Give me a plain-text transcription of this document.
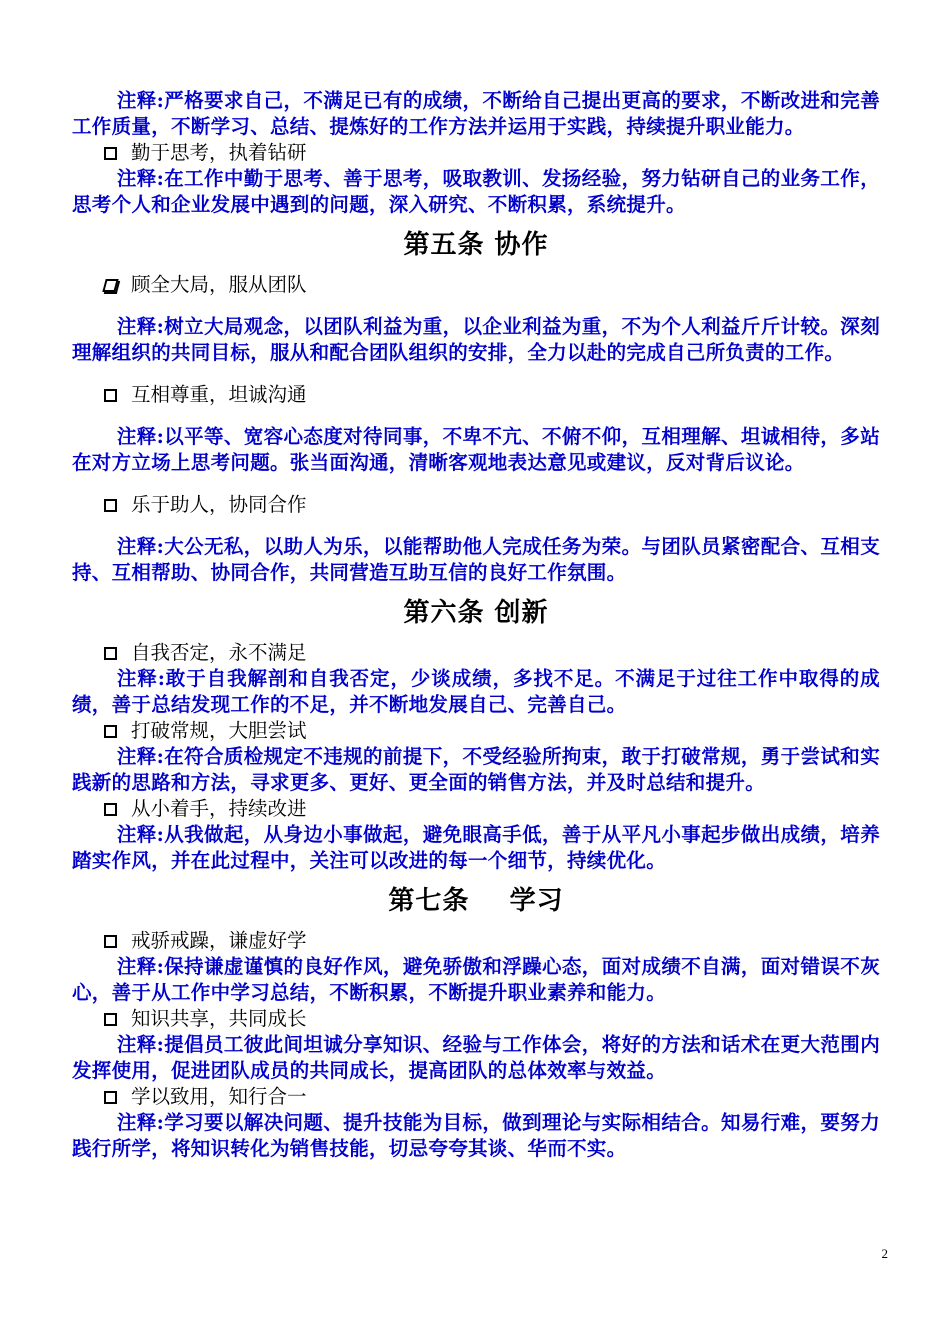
注释:严格要求自己，不满足已有的成绩，不断给自己提出更高的要求，不断改进和完善工作质量，不断学习、总结、提炼好的工作方法并运用于实践，持续提升职业能力。

勤于思考，执着钻研

注释:在工作中勤于思考、善于思考，吸取教训、发扬经验，努力钻研自己的业务工作，思考个人和企业发展中遇到的问题，深入研究、不断积累，系统提升。

第五条 协作

顾全大局，服从团队

注释:树立大局观念，以团队利益为重，以企业利益为重，不为个人利益斤斤计较。深刻理解组织的共同目标，服从和配合团队组织的安排，全力以赴的完成自己所负责的工作。

互相尊重，坦诚沟通

注释:以平等、宽容心态度对待同事，不卑不亢、不俯不仰，互相理解、坦诚相待，多站在对方立场上思考问题。张当面沟通，清晰客观地表达意见或建议，反对背后议论。

乐于助人，协同合作

注释:大公无私，以助人为乐，以能帮助他人完成任务为荣。与团队员紧密配合、互相支持、互相帮助、协同合作，共同营造互助互信的良好工作氛围。

第六条 创新

自我否定，永不满足

注释:敢于自我解剖和自我否定，少谈成绩，多找不足。不满足于过往工作中取得的成绩，善于总结发现工作的不足，并不断地发展自己、完善自己。

打破常规，大胆尝试

注释:在符合质检规定不违规的前提下，不受经验所拘束，敢于打破常规，勇于尝试和实践新的思路和方法，寻求更多、更好、更全面的销售方法，并及时总结和提升。

从小着手，持续改进

注释:从我做起，从身边小事做起，避免眼高手低，善于从平凡小事起步做出成绩，培养踏实作风，并在此过程中，关注可以改进的每一个细节，持续优化。

第七条    学习

戒骄戒躁，谦虚好学

注释:保持谦虚谨慎的良好作风，避免骄傲和浮躁心态，面对成绩不自满，面对错误不灰心，善于从工作中学习总结，不断积累，不断提升职业素养和能力。

知识共享，共同成长

注释:提倡员工彼此间坦诚分享知识、经验与工作体会，将好的方法和话术在更大范围内发挥使用，促进团队成员的共同成长，提高团队的总体效率与效益。

学以致用，知行合一

注释:学习要以解决问题、提升技能为目标，做到理论与实际相结合。知易行难，要努力践行所学，将知识转化为销售技能，切忌夸夸其谈、华而不实。

2
